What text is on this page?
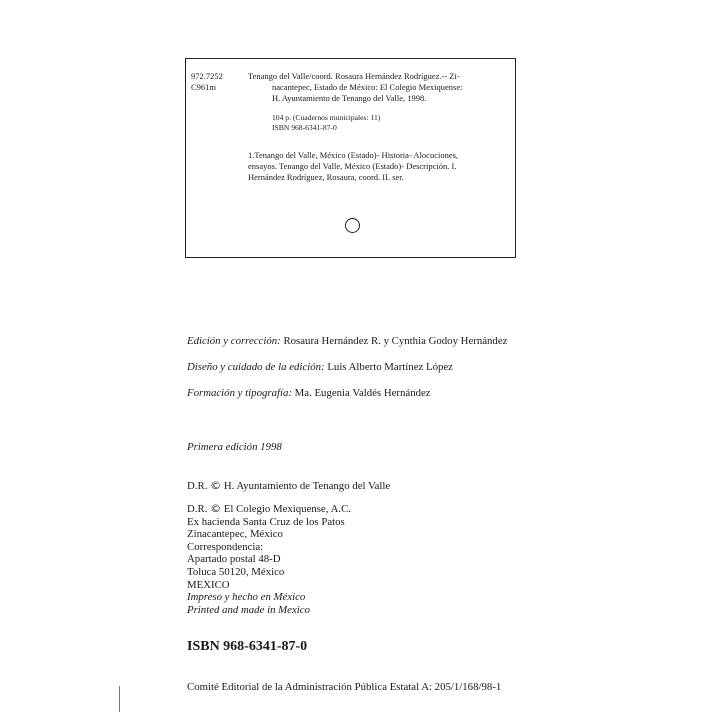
972.7252
C961m
Tenango del Valle/coord. Rosaura Hernández Rodríguez.-- Zi-
nacantepec, Estado de México: El Colegio Mexiquense:
H. Ayuntamiento de Tenango del Valle, 1998.
104 p. (Cuadernos municipales: 11)
ISBN 968-6341-87-0
1.Tenango del Valle, México (Estado)- Historia- Alocuciones,
ensayos. Tenango del Valle, México (Estado)- Descripción. I.
Hernández Rodríguez, Rosaura, coord. II. ser.
Edición y corrección: Rosaura Hernández R. y Cynthia Godoy Hernández
Diseño y cuidado de la edición: Luis Alberto Martínez López
Formación y tipografía: Ma. Eugenia Valdés Hernández
Primera edición 1998
D.R. © H. Ayuntamiento de Tenango del Valle
D.R. © El Colegio Mexiquense, A.C.
Ex hacienda Santa Cruz de los Patos
Zinacantepec, México
Correspondencia:
Apartado postal 48-D
Toluca 50120, México
MEXICO
Impreso y hecho en México
Printed and made in Mexico
ISBN 968-6341-87-0
Comité Editorial de la Administración Pública Estatal A: 205/1/168/98-1
